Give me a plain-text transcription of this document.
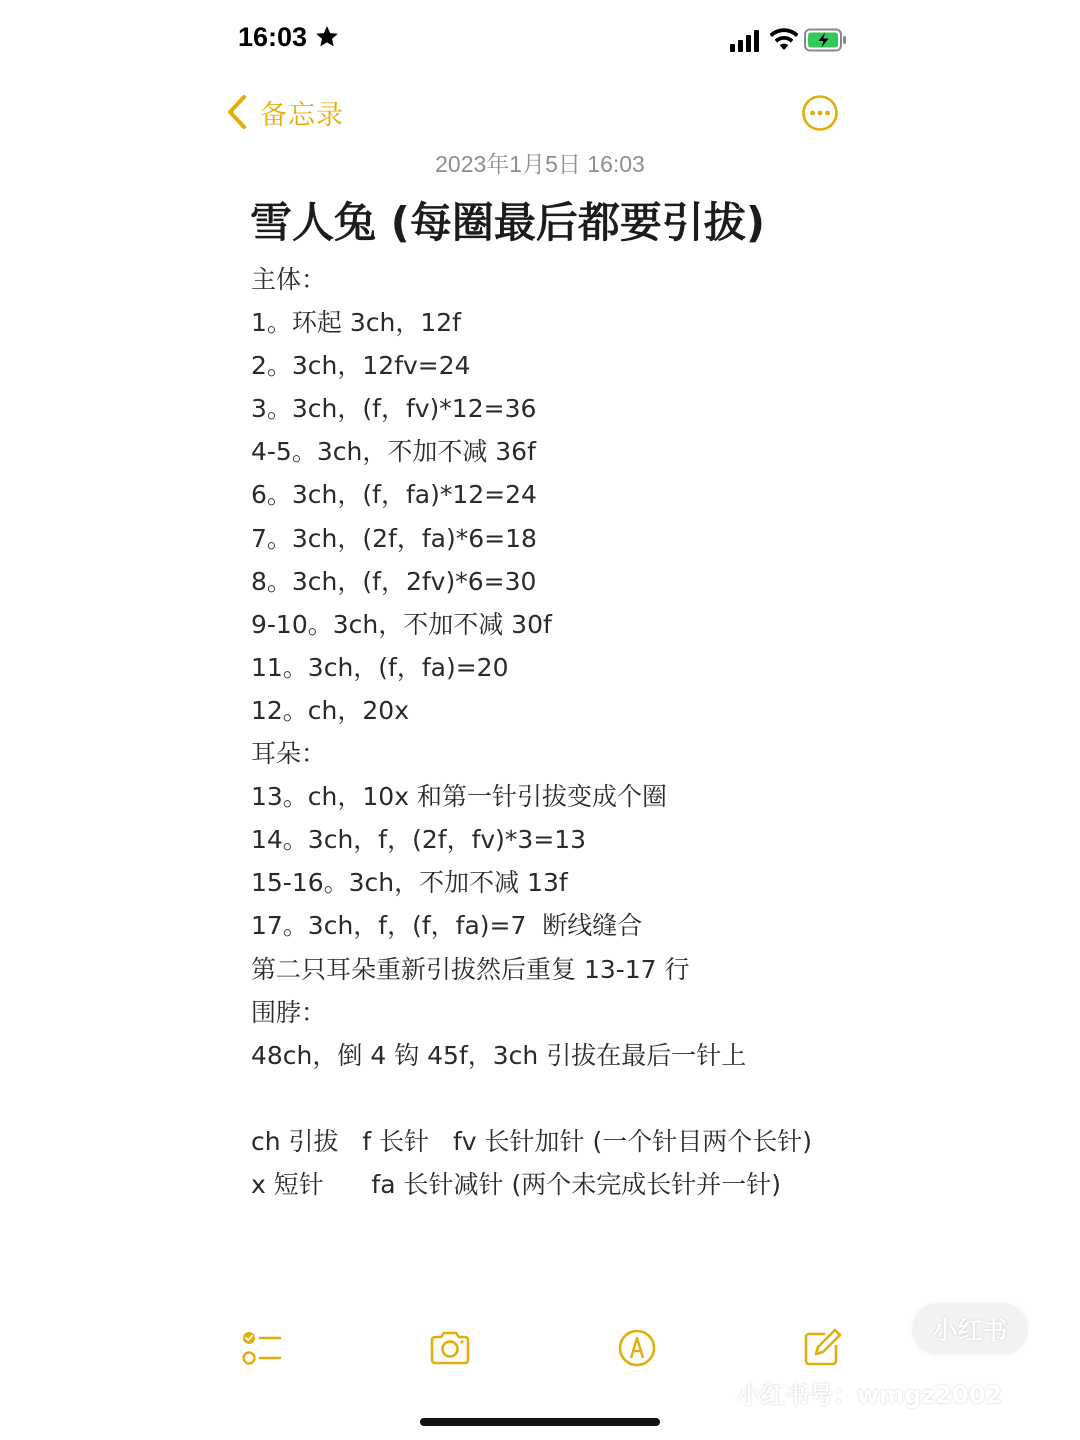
16:03
备忘录
2023年1月5日 16:03
雪人兔 (每圈最后都要引拔)
主体：
1。环起 3ch，12f
2。3ch，12fv=24
3。3ch，(f，fv)*12=36
4-5。3ch，不加不减 36f
6。3ch，(f，fa)*12=24
7。3ch，(2f，fa)*6=18
8。3ch，(f，2fv)*6=30
9-10。3ch，不加不减 30f
11。3ch，(f，fa)=20
12。ch，20x
耳朵：
13。ch，10x 和第一针引拔变成个圈
14。3ch，f，(2f，fv)*3=13
15-16。3ch，不加不减 13f
17。3ch，f，(f，fa)=7  断线缝合
第二只耳朵重新引拔然后重复 13-17 行
围脖：
48ch，倒 4 钩 45f，3ch 引拔在最后一针上
ch 引拔   f 长针   fv 长针加针 (一个针目两个长针)
x 短针      fa 长针减针 (两个未完成长针并一针)
小红书
小红书号：wmgz2002
